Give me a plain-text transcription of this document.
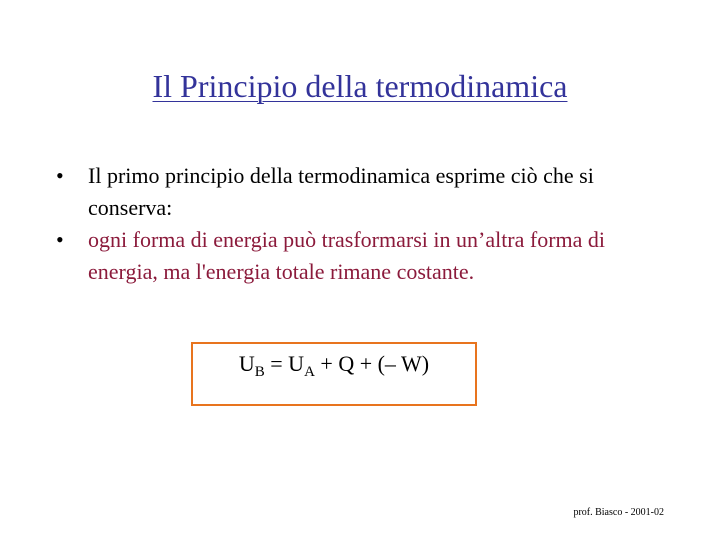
Il Principio della termodinamica
•	Il primo principio della termodinamica esprime ciò che si conserva:
•	ogni forma di energia può trasformarsi in un’altra forma di energia, ma l'energia totale rimane costante.
$U_B = U_A + Q$ + (– W)
prof. Biasco - 2001-02
